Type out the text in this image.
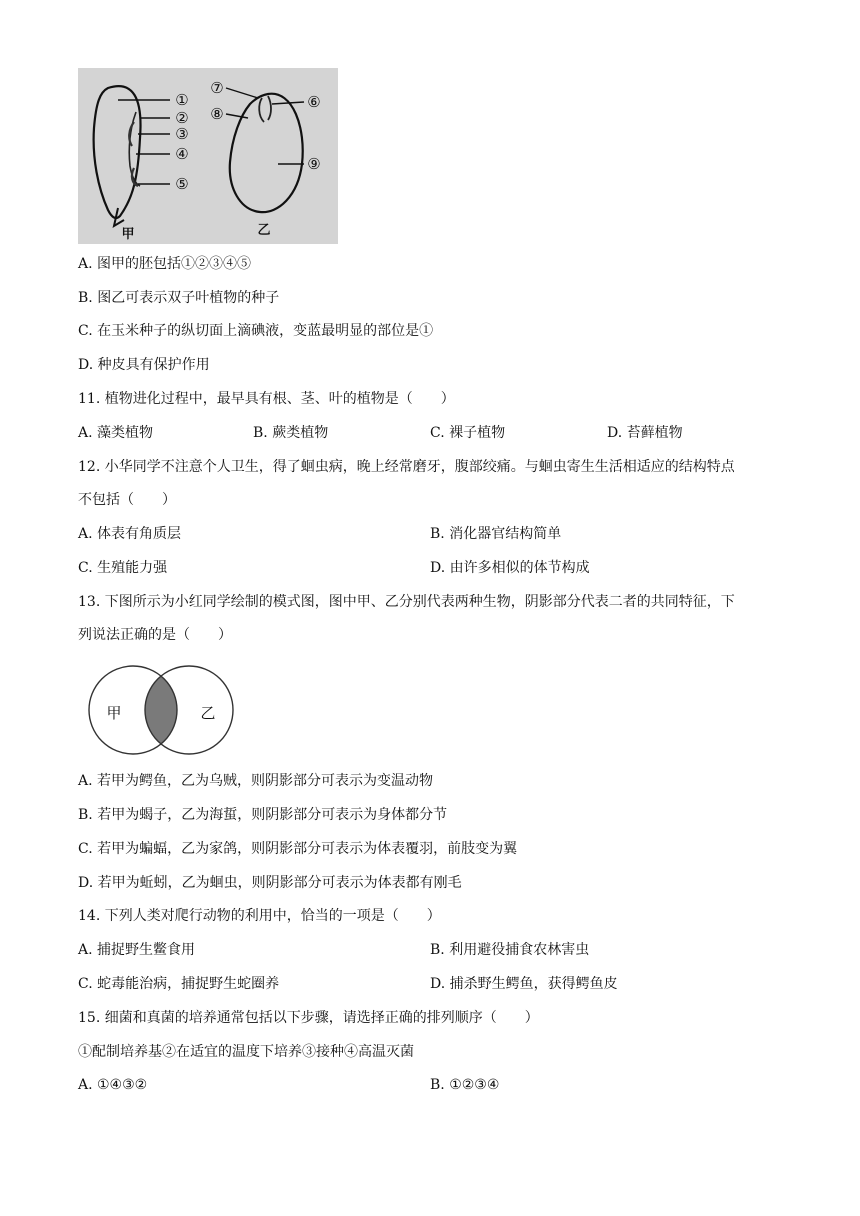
①
②
③
④
⑤
甲
⑦
⑧
⑥
⑨
乙
A. 图甲的胚包括①②③④⑤
B. 图乙可表示双子叶植物的种子
C. 在玉米种子的纵切面上滴碘液，变蓝最明显的部位是①
D. 种皮具有保护作用
11. 植物进化过程中，最早具有根、茎、叶的植物是（　　）
A. 藻类植物	B. 蕨类植物	C. 裸子植物	D. 苔藓植物
12. 小华同学不注意个人卫生，得了蛔虫病，晚上经常磨牙，腹部绞痛。与蛔虫寄生生活相适应的结构特点
不包括（　　）
A. 体表有角质层	B. 消化器官结构简单
C. 生殖能力强	D. 由许多相似的体节构成
13. 下图所示为小红同学绘制的模式图，图中甲、乙分别代表两种生物，阴影部分代表二者的共同特征，下
列说法正确的是（　　）
甲	乙
A. 若甲为鳄鱼，乙为乌贼，则阴影部分可表示为变温动物
B. 若甲为蝎子，乙为海蜇，则阴影部分可表示为身体都分节
C. 若甲为蝙蝠，乙为家鸽，则阴影部分可表示为体表覆羽，前肢变为翼
D. 若甲为蚯蚓，乙为蛔虫，则阴影部分可表示为体表都有刚毛
14. 下列人类对爬行动物的利用中，恰当的一项是（　　）
A. 捕捉野生鳖食用	B. 利用避役捕食农林害虫
C. 蛇毒能治病，捕捉野生蛇圈养	D. 捕杀野生鳄鱼，获得鳄鱼皮
15. 细菌和真菌的培养通常包括以下步骤，请选择正确的排列顺序（　　）
①配制培养基②在适宜的温度下培养③接种④高温灭菌
A. ①④③②	B. ①②③④
